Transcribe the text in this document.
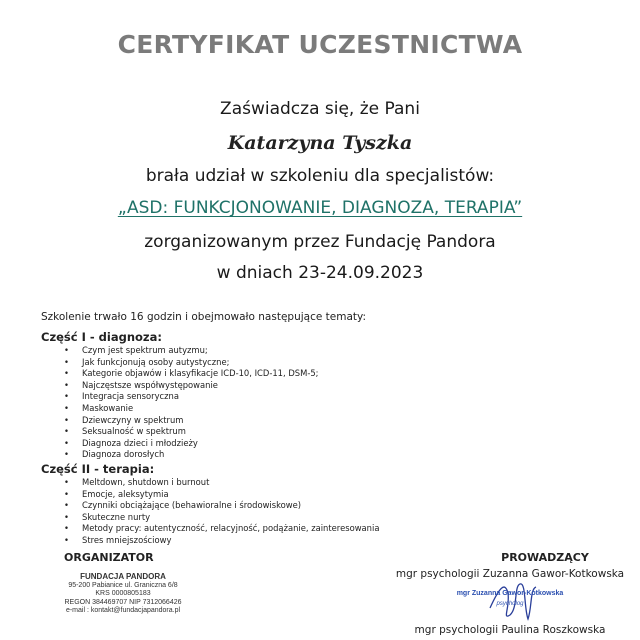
CERTYFIKAT UCZESTNICTWA
Zaświadcza się, że Pani
Katarzyna Tyszka
brała udział w szkoleniu dla specjalistów:
„ASD: FUNKCJONOWANIE, DIAGNOZA, TERAPIA”
zorganizowanym przez Fundację Pandora
w dniach 23-24.09.2023
Szkolenie trwało 16 godzin i obejmowało następujące tematy:
Część I - diagnoza:
• Czym jest spektrum autyzmu;
• Jak funkcjonują osoby autystyczne;
• Kategorie objawów i klasyfikacje ICD-10, ICD-11, DSM-5;
• Najczęstsze współwystępowanie
• Integracja sensoryczna
• Maskowanie
• Dziewczyny w spektrum
• Seksualność w spektrum
• Diagnoza dzieci i młodzieży
• Diagnoza dorosłych
Część II - terapia:
• Meltdown, shutdown i burnout
• Emocje, aleksytymia
• Czynniki obciążające (behawioralne i środowiskowe)
• Skuteczne nurty
• Metody pracy: autentyczność, relacyjność, podążanie, zainteresowania
• Stres mniejszościowy
ORGANIZATOR
FUNDACJA PANDORA
95-200 Pabianice ul. Graniczna 6/8
KRS 0000805183
REGON 384469707 NIP 7312066426
e-mail : kontakt@fundacjapandora.pl
PROWADZĄCY
mgr psychologii Zuzanna Gawor-Kotkowska
mgr Zuzanna Gawor-Kotkowska
psycholog
mgr psychologii Paulina Roszkowska
